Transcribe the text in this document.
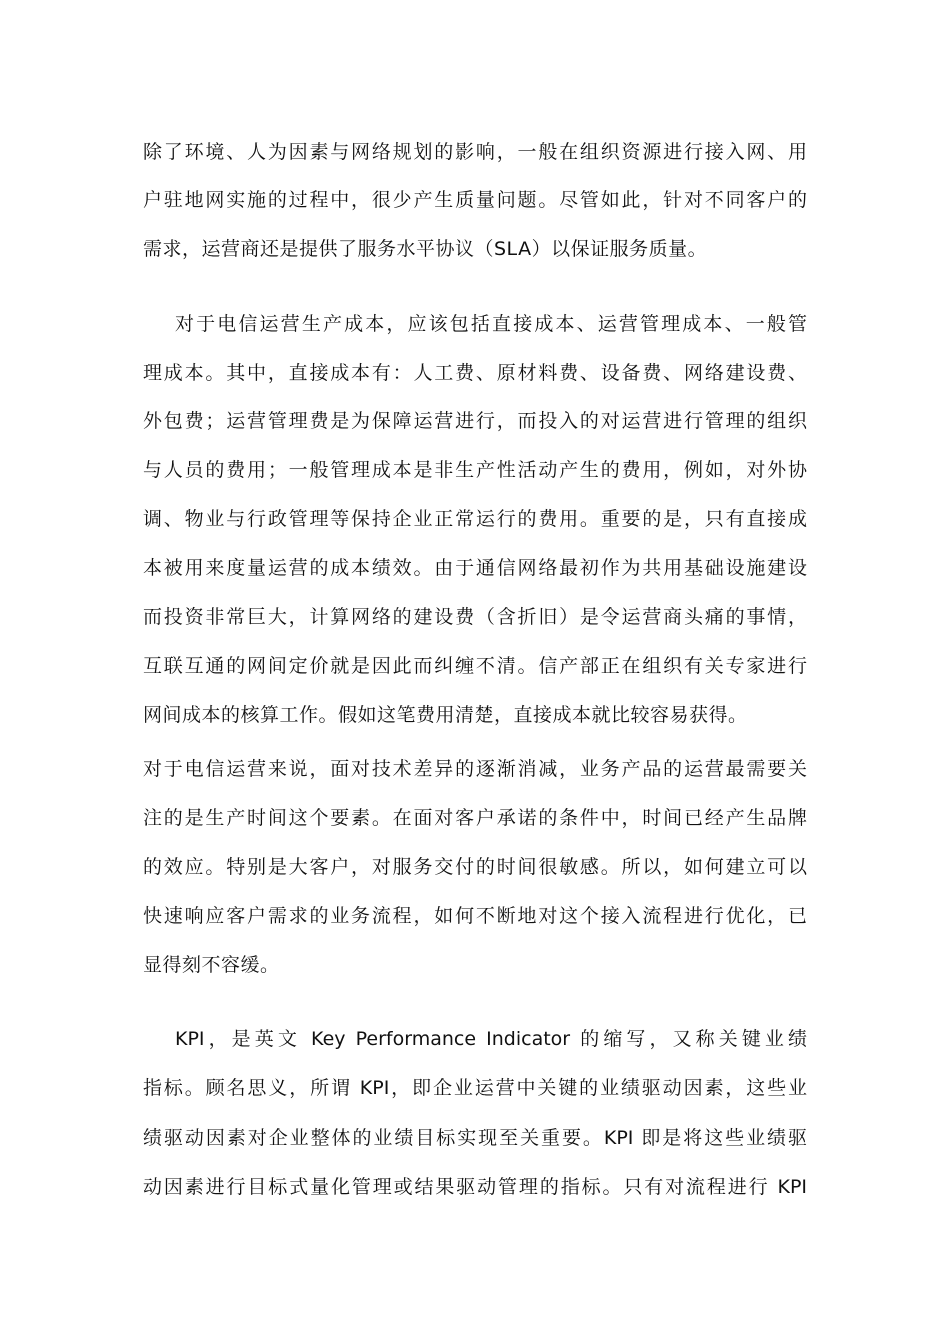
除了环境、人为因素与网络规划的影响，一般在组织资源进行接入网、用
户驻地网实施的过程中，很少产生质量问题。尽管如此，针对不同客户的
需求，运营商还是提供了服务水平协议（SLA）以保证服务质量。
对于电信运营生产成本，应该包括直接成本、运营管理成本、一般管
理成本。其中，直接成本有：人工费、原材料费、设备费、网络建设费、
外包费；运营管理费是为保障运营进行，而投入的对运营进行管理的组织
与人员的费用；一般管理成本是非生产性活动产生的费用，例如，对外协
调、物业与行政管理等保持企业正常运行的费用。重要的是，只有直接成
本被用来度量运营的成本绩效。由于通信网络最初作为共用基础设施建设
而投资非常巨大，计算网络的建设费（含折旧）是令运营商头痛的事情，
互联互通的网间定价就是因此而纠缠不清。信产部正在组织有关专家进行
网间成本的核算工作。假如这笔费用清楚，直接成本就比较容易获得。
对于电信运营来说，面对技术差异的逐渐消减，业务产品的运营最需要关
注的是生产时间这个要素。在面对客户承诺的条件中，时间已经产生品牌
的效应。特别是大客户，对服务交付的时间很敏感。所以，如何建立可以
快速响应客户需求的业务流程，如何不断地对这个接入流程进行优化，已
显得刻不容缓。
KPI，是英文 Key Performance Indicator 的缩写，又称关键业绩
指标。顾名思义，所谓 KPI，即企业运营中关键的业绩驱动因素，这些业
绩驱动因素对企业整体的业绩目标实现至关重要。KPI 即是将这些业绩驱
动因素进行目标式量化管理或结果驱动管理的指标。只有对流程进行 KPI
